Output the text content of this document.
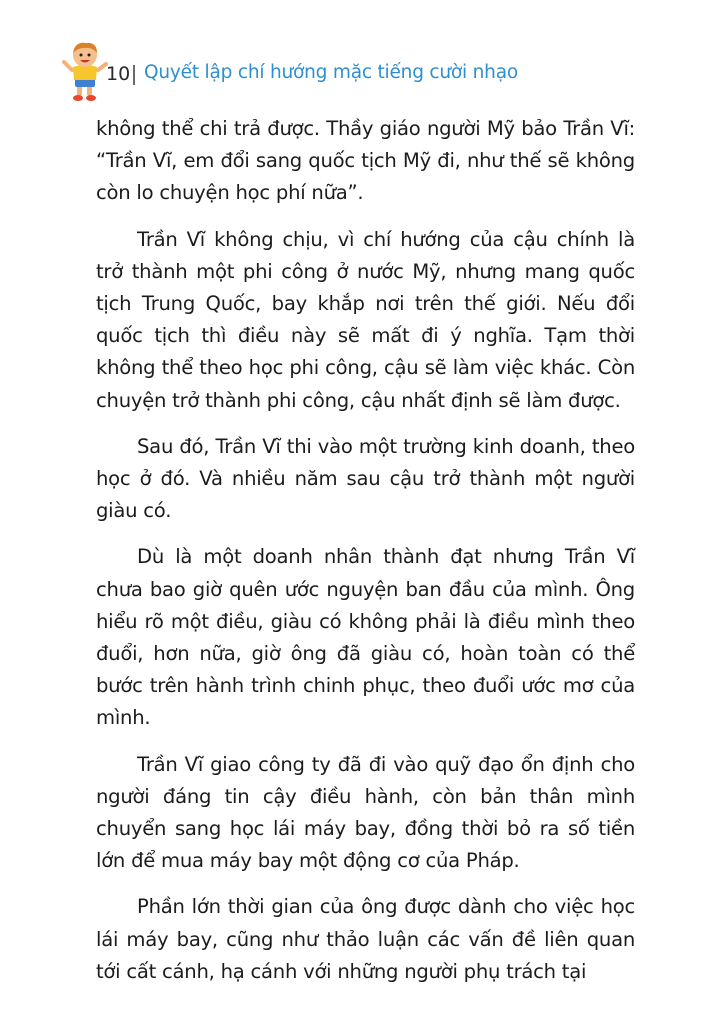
10 Quyết lập chí hướng mặc tiếng cười nhạo

không thể chi trả được. Thầy giáo người Mỹ bảo Trần Vĩ: “Trần Vĩ, em đổi sang quốc tịch Mỹ đi, như thế sẽ không còn lo chuyện học phí nữa”.

Trần Vĩ không chịu, vì chí hướng của cậu chính là trở thành một phi công ở nước Mỹ, nhưng mang quốc tịch Trung Quốc, bay khắp nơi trên thế giới. Nếu đổi quốc tịch thì điều này sẽ mất đi ý nghĩa. Tạm thời không thể theo học phi công, cậu sẽ làm việc khác. Còn chuyện trở thành phi công, cậu nhất định sẽ làm được.

Sau đó, Trần Vĩ thi vào một trường kinh doanh, theo học ở đó. Và nhiều năm sau cậu trở thành một người giàu có.

Dù là một doanh nhân thành đạt nhưng Trần Vĩ chưa bao giờ quên ước nguyện ban đầu của mình. Ông hiểu rõ một điều, giàu có không phải là điều mình theo đuổi, hơn nữa, giờ ông đã giàu có, hoàn toàn có thể bước trên hành trình chinh phục, theo đuổi ước mơ của mình.

Trần Vĩ giao công ty đã đi vào quỹ đạo ổn định cho người đáng tin cậy điều hành, còn bản thân mình chuyển sang học lái máy bay, đồng thời bỏ ra số tiền lớn để mua máy bay một động cơ của Pháp.

Phần lớn thời gian của ông được dành cho việc học lái máy bay, cũng như thảo luận các vấn đề liên quan tới cất cánh, hạ cánh với những người phụ trách tại
